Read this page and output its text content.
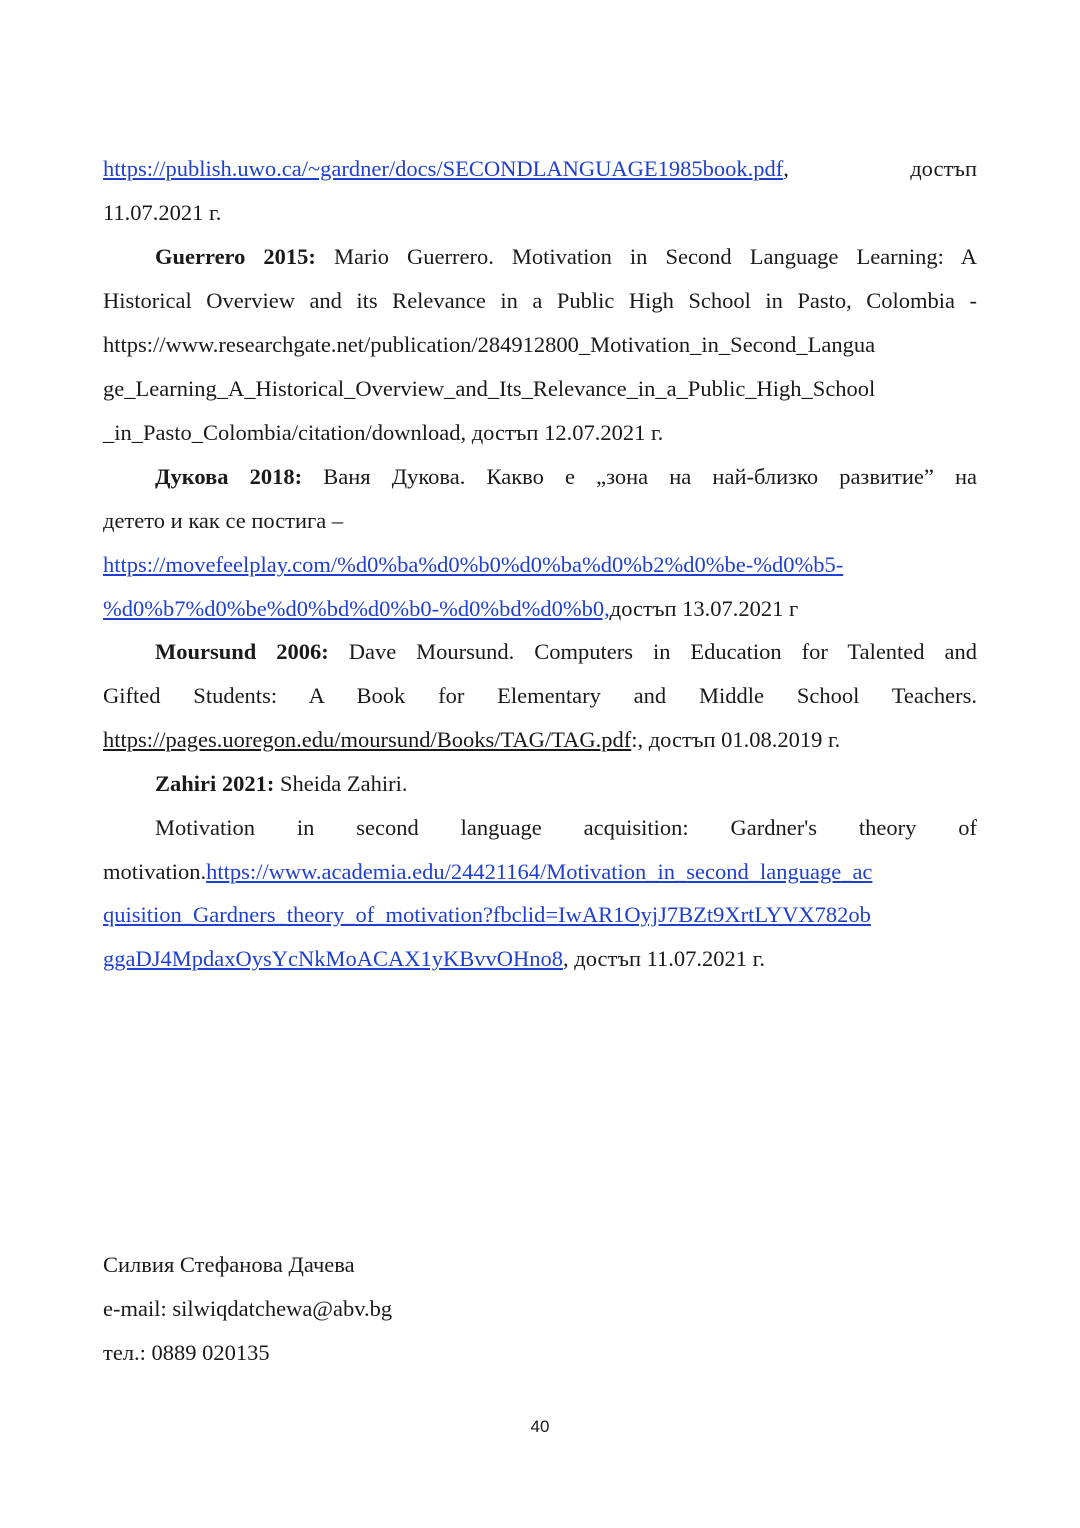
https://publish.uwo.ca/~gardner/docs/SECONDLANGUAGE1985book.pdf,	достъп
11.07.2021 г.
Guerrero 2015: Mario Guerrero. Motivation in Second Language Learning: A
Historical Overview and its Relevance in a Public High School in Pasto, Colombia -
https://www.researchgate.net/publication/284912800_Motivation_in_Second_Langua
ge_Learning_A_Historical_Overview_and_Its_Relevance_in_a_Public_High_School
_in_Pasto_Colombia/citation/download, достъп 12.07.2021 г.
Дукова 2018: Ваня Дукова. Какво е „зона на най-близко развитие” на
детето и как се постига –
https://movefeelplay.com/%d0%ba%d0%b0%d0%ba%d0%b2%d0%be-%d0%b5-
%d0%b7%d0%be%d0%bd%d0%b0-%d0%bd%d0%b0,достъп 13.07.2021 г
Moursund 2006: Dave Moursund. Computers in Education for Talented and
Gifted Students: A Book for Elementary and Middle School Teachers.
https://pages.uoregon.edu/moursund/Books/TAG/TAG.pdf:, достъп 01.08.2019 г.
Zahiri 2021: Sheida Zahiri.
Motivation in second language acquisition: Gardner's theory of
motivation.https://www.academia.edu/24421164/Motivation_in_second_language_ac
quisition_Gardners_theory_of_motivation?fbclid=IwAR1OyjJ7BZt9XrtLYVX782ob
ggaDJ4MpdaxOysYcNkMoACAX1yKBvvOHno8, достъп 11.07.2021 г.
Силвия Стефанова Дачева
e-mail: silwiqdatchewa@abv.bg
тел.: 0889 020135
40
